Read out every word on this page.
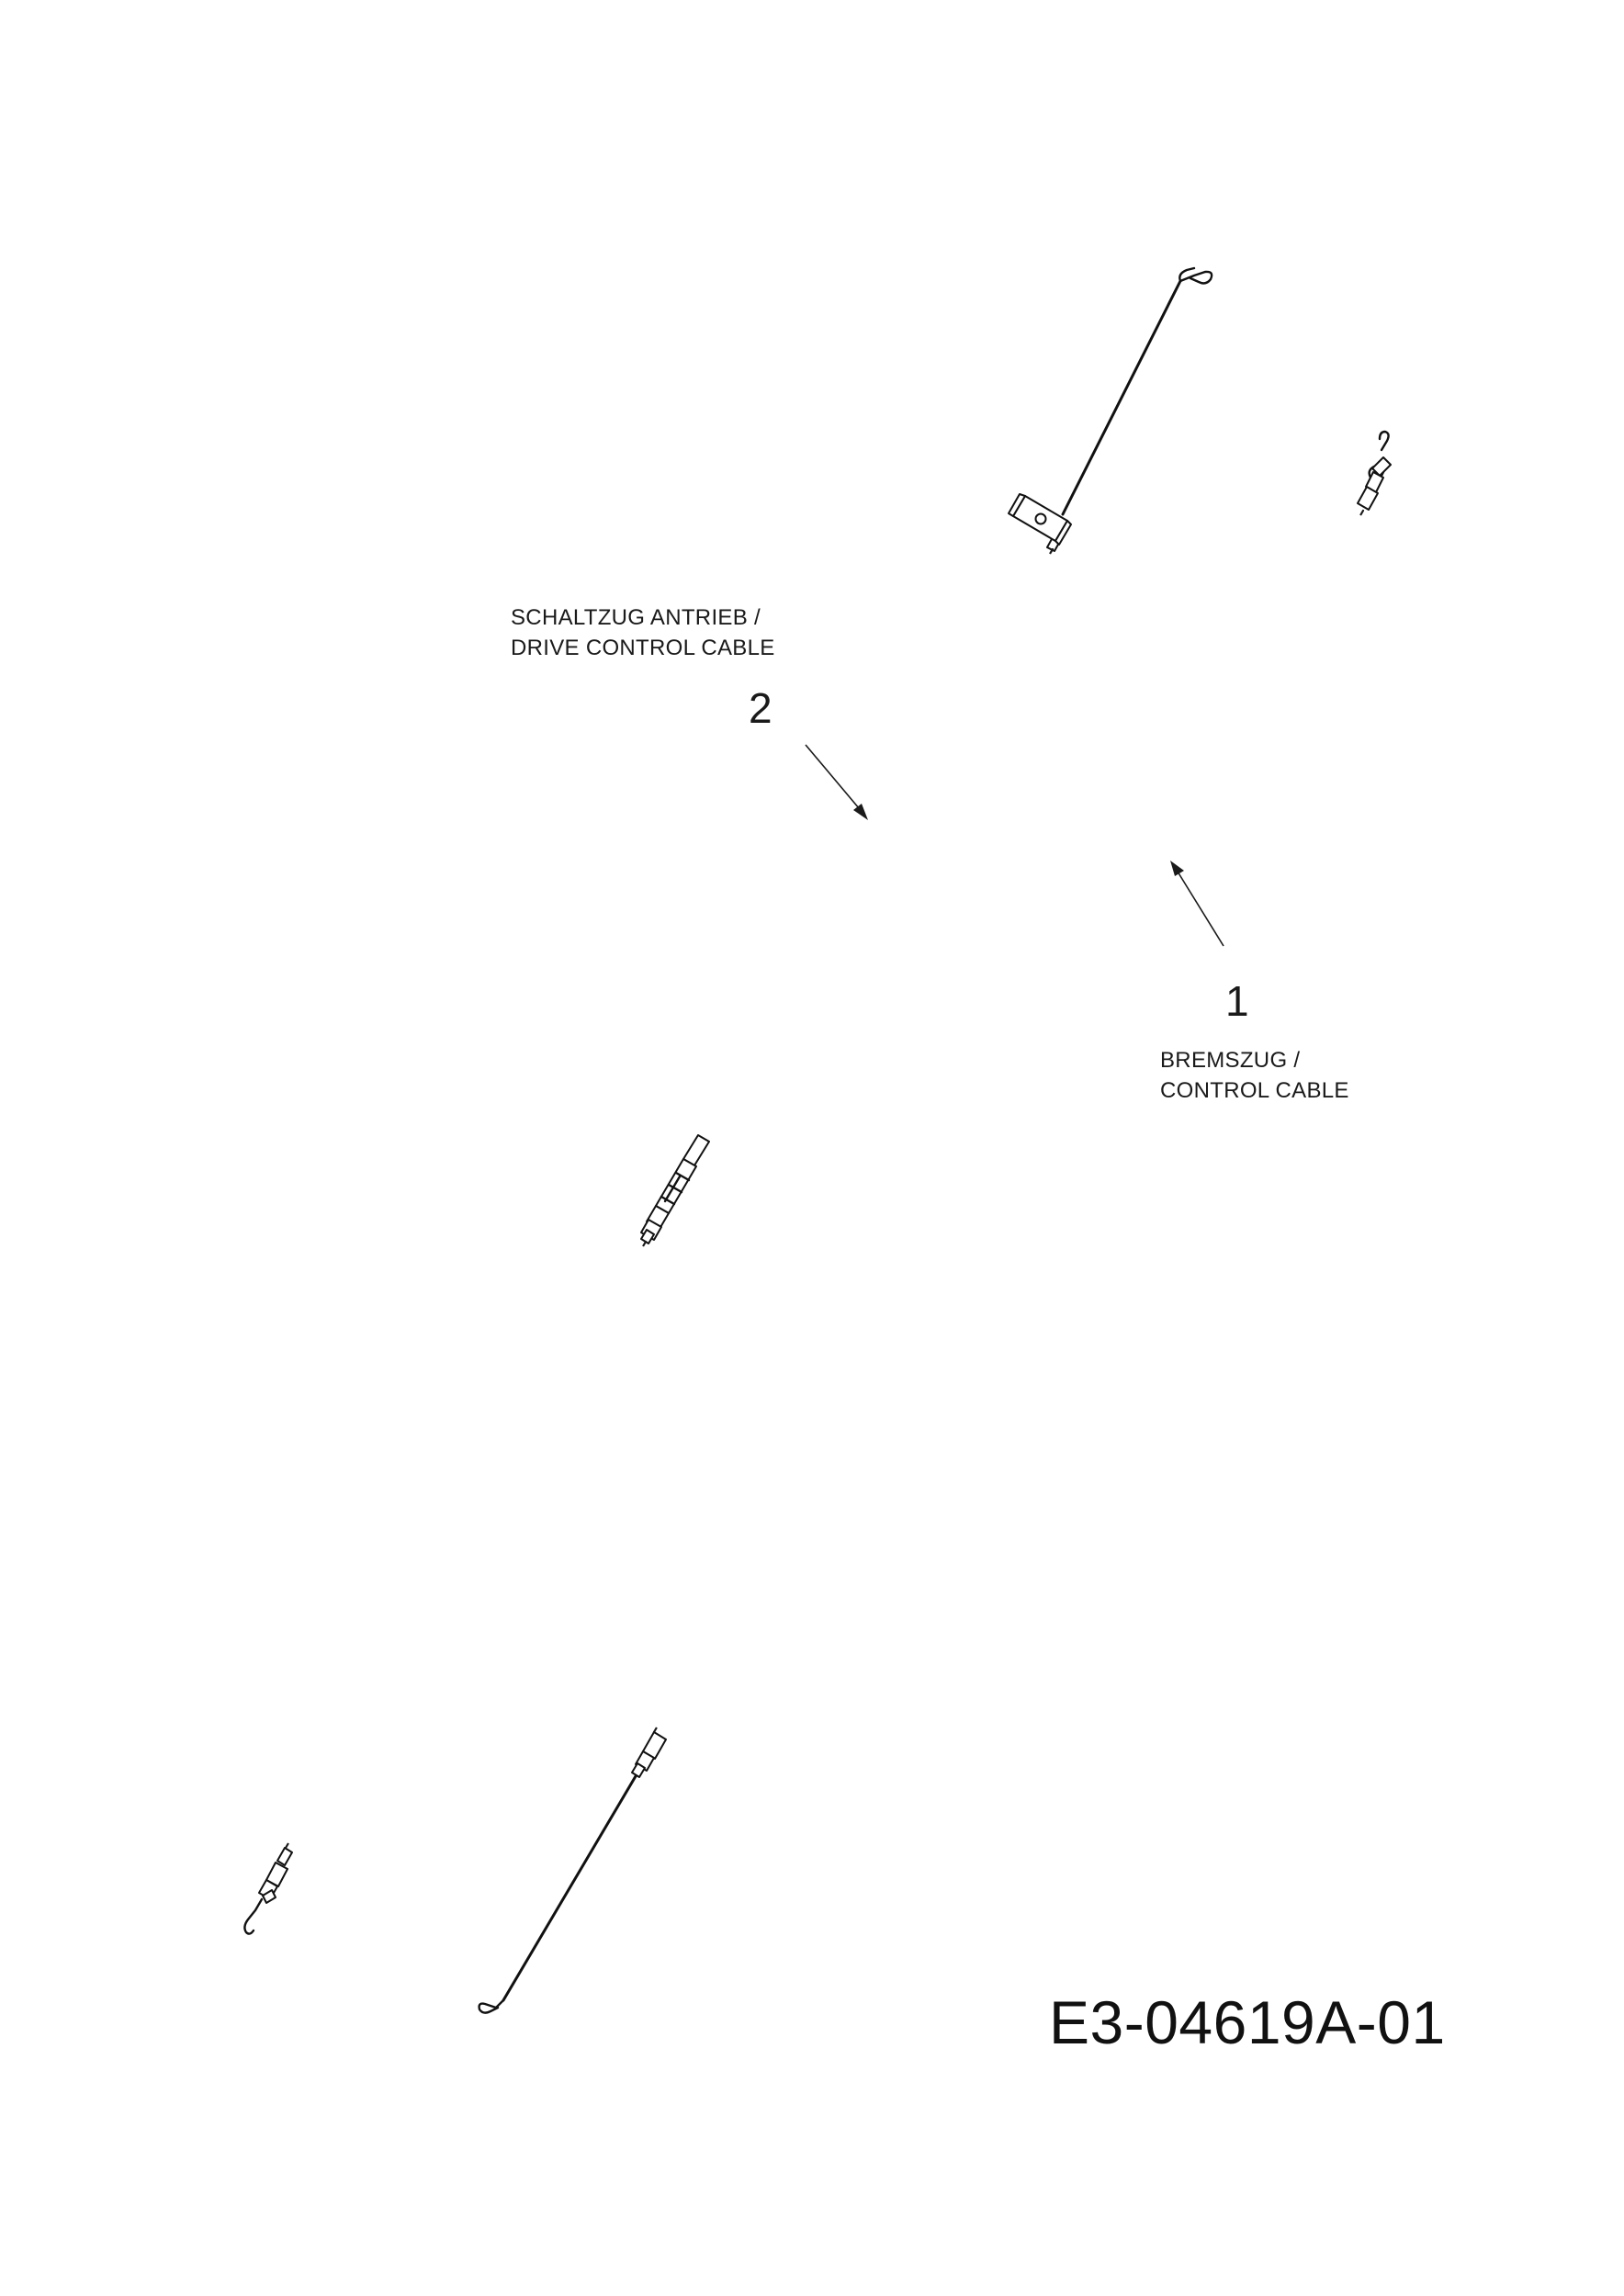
SCHALTZUG ANTRIEB /
DRIVE CONTROL CABLE
2
1
BREMSZUG /
CONTROL CABLE
E3-04619A-01
